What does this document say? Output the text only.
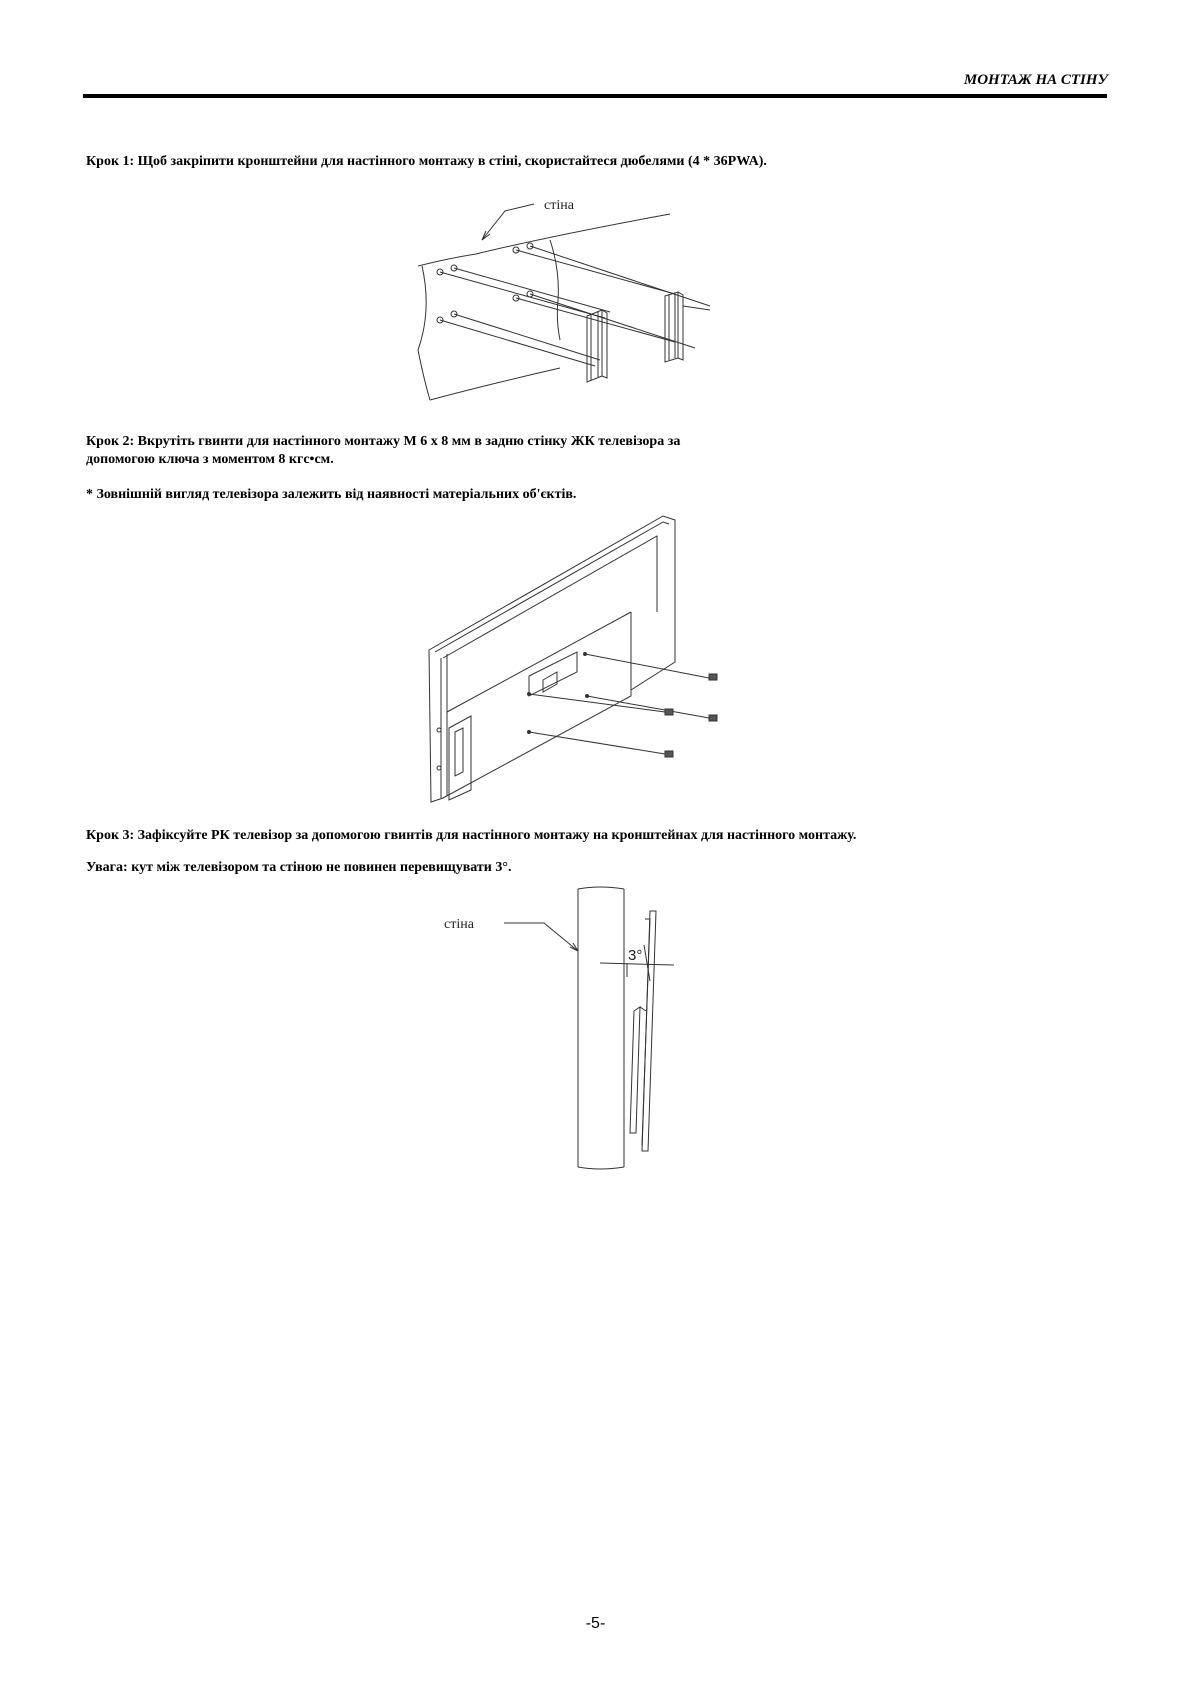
МОНТАЖ НА СТІНУ
Крок 1: Щоб закріпити кронштейни для настінного монтажу в стіні, скористайтеся дюбелями (4 * 36PWA).
стіна
Крок 2: Вкрутіть гвинти для настінного монтажу M 6 x 8 мм в задню стінку ЖК телевізора за
допомогою ключа з моментом 8 кгс•см.
* Зовнішній вигляд телевізора залежить від наявності матеріальних об'єктів.
Крок 3: Зафіксуйте РК телевізор за допомогою гвинтів для настінного монтажу на кронштейнах для настінного монтажу.
Увага: кут між телевізором та стіною не повинен перевищувати 3°.
стіна
3°
-5-
